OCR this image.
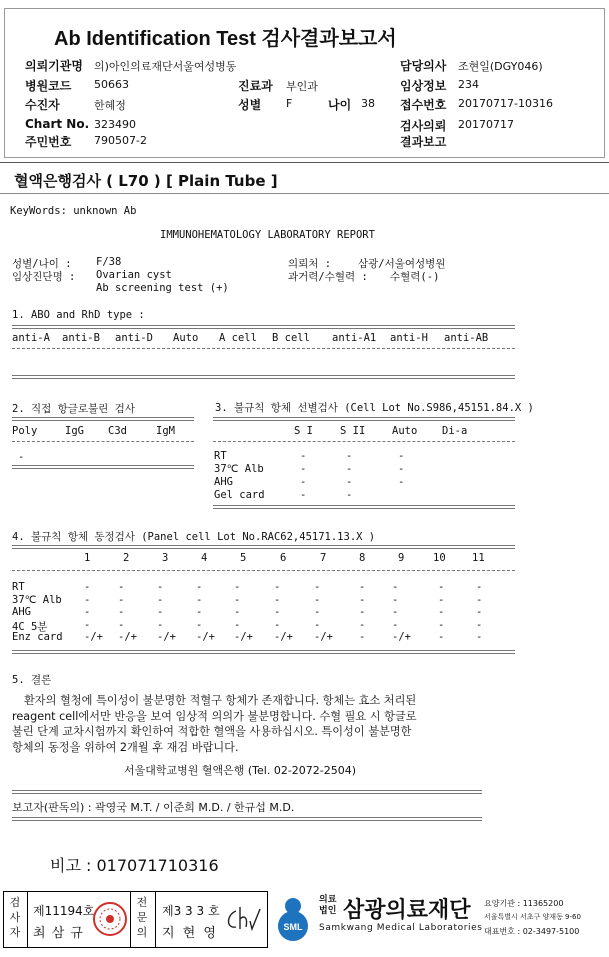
Ab Identification Test 검사결과보고서
의뢰기관명 의)아인의료재단서울여성병동	담당의사 조현일(DGY046)
병원코드 50663	진료과 부인과	임상정보 234
수진자	한혜정	성별 F	나이 38 접수번호 20170717-10316
Chart No. 323490	검사의뢰 20170717
주민번호 790507-2	결과보고
혈액은행검사 ( L70 ) [ Plain Tube ]
KeyWords: unknown Ab
IMMUNOHEMATOLOGY LABORATORY REPORT
성별/나이 : F/38
임상진단명 : Ovarian cyst
Ab screening test (+)
의뢰처 :	삼광/서울여성병원
과거력/수혈력 : 수혈력(-)
1. ABO and RhD type :
anti-A anti-B anti-D Auto A cell B cell anti-A1 anti-H anti-AB
2. 직접 항글로불린 검사
Poly	IgG C3d	IgM
-
3. 불규칙 항체 선별검사 (Cell Lot No.S986,45151.84.X )
S I	S II	Auto Di-a
RT	-	-	-
37℃ Alb	-	-	-
AHG	-	-	-
Gel card	-	-
4. 불규칙 항체 동정검사 (Panel cell Lot No.RAC62,45171.13.X )
1	2	3	4	5	6	7	8	9	10	11
RT	-	-	-	-	-	-	-	-	-	-	-
37℃ Alb -	-	-	-	-	-	-	-	-	-	-
AHG	-	-	-	-	-	-	-	-	-	-	-
4C 5분	-	-	-	-	-	-	-	-	-	-	-
Enz card -/+ -/+ -/+ -/+ -/+ -/+ -/+ -	-/+	-	-
5. 결론
환자의 혈청에 특이성이 불분명한 적혈구 항체가 존재합니다. 항체는 효소 처리된
reagent cell에서만 반응을 보여 임상적 의의가 불분명합니다. 수혈 필요 시 항글로
불린 단계 교차시험까지 확인하여 적합한 혈액을 사용하십시오. 특이성이 불분명한
항체의 동정을 위하여 2개월 후 재검 바랍니다.
서울대학교병원 혈액은행 (Tel. 02-2072-2504)
보고자(판독의) : 곽영국 M.T. / 이준희 M.D. / 한규섭 M.D.
비고 : 017071710316
검사자
제11194호
최 삼 규
전문의
제3 3 3 호
지 현 영	SML
의료법인 삼광의료재단
Samkwang Medical Laboratories
요양기관 : 11365200
서울특별시 서초구 양재동 9-60
대표번호 : 02-3497-5100
